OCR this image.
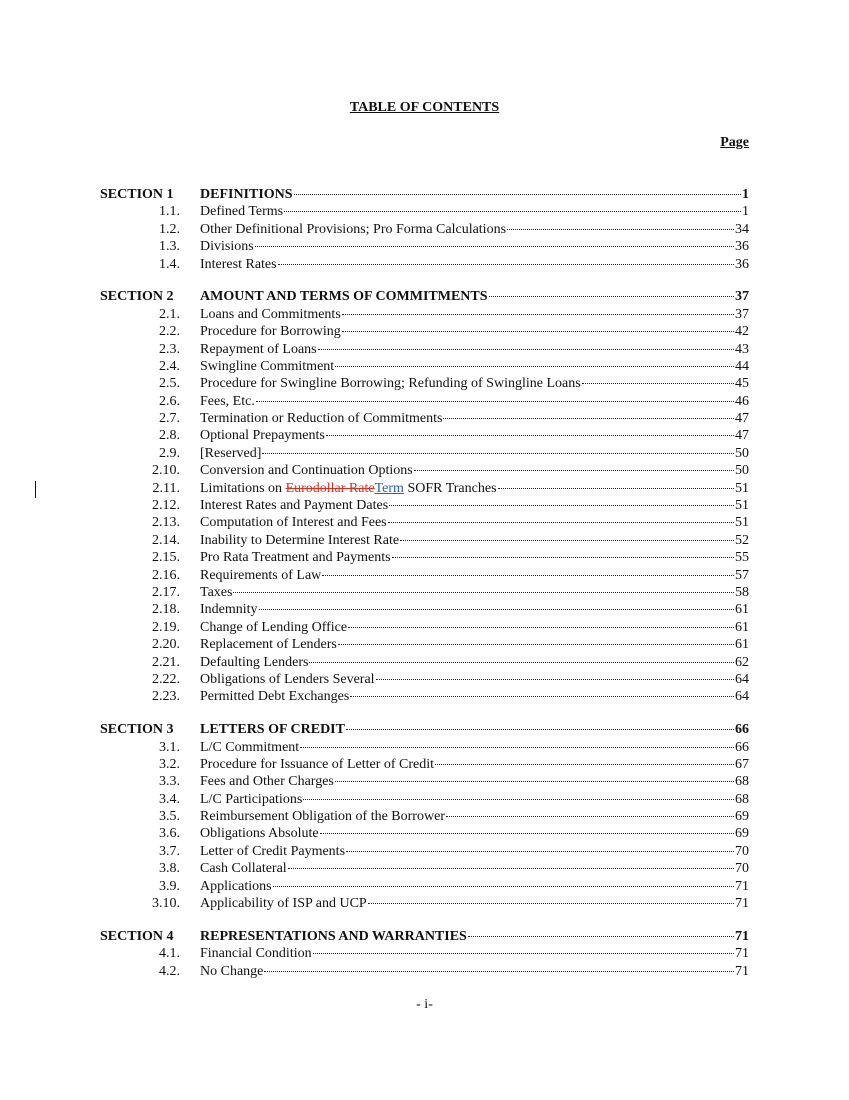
TABLE OF CONTENTS
Page
SECTION 1 DEFINITIONS	1
1.1. Defined Terms	1
1.2. Other Definitional Provisions; Pro Forma Calculations	34
1.3. Divisions	36
1.4. Interest Rates	36
SECTION 2 AMOUNT AND TERMS OF COMMITMENTS	37
2.1. Loans and Commitments	37
2.2. Procedure for Borrowing	42
2.3. Repayment of Loans	43
2.4. Swingline Commitment	44
2.5. Procedure for Swingline Borrowing; Refunding of Swingline Loans	45
2.6. Fees, Etc.	46
2.7. Termination or Reduction of Commitments	47
2.8. Optional Prepayments	47
2.9. [Reserved]	50
2.10. Conversion and Continuation Options	50
2.11. Limitations on Eurodollar RateTerm SOFR Tranches	51
2.12. Interest Rates and Payment Dates	51
2.13. Computation of Interest and Fees	51
2.14. Inability to Determine Interest Rate	52
2.15. Pro Rata Treatment and Payments	55
2.16. Requirements of Law	57
2.17. Taxes	58
2.18. Indemnity	61
2.19. Change of Lending Office	61
2.20. Replacement of Lenders	61
2.21. Defaulting Lenders	62
2.22. Obligations of Lenders Several	64
2.23. Permitted Debt Exchanges	64
SECTION 3 LETTERS OF CREDIT	66
3.1. L/C Commitment	66
3.2. Procedure for Issuance of Letter of Credit	67
3.3. Fees and Other Charges	68
3.4. L/C Participations	68
3.5. Reimbursement Obligation of the Borrower	69
3.6. Obligations Absolute	69
3.7. Letter of Credit Payments	70
3.8. Cash Collateral	70
3.9. Applications	71
3.10. Applicability of ISP and UCP	71
SECTION 4 REPRESENTATIONS AND WARRANTIES	71
4.1. Financial Condition	71
4.2. No Change	71
- i-
